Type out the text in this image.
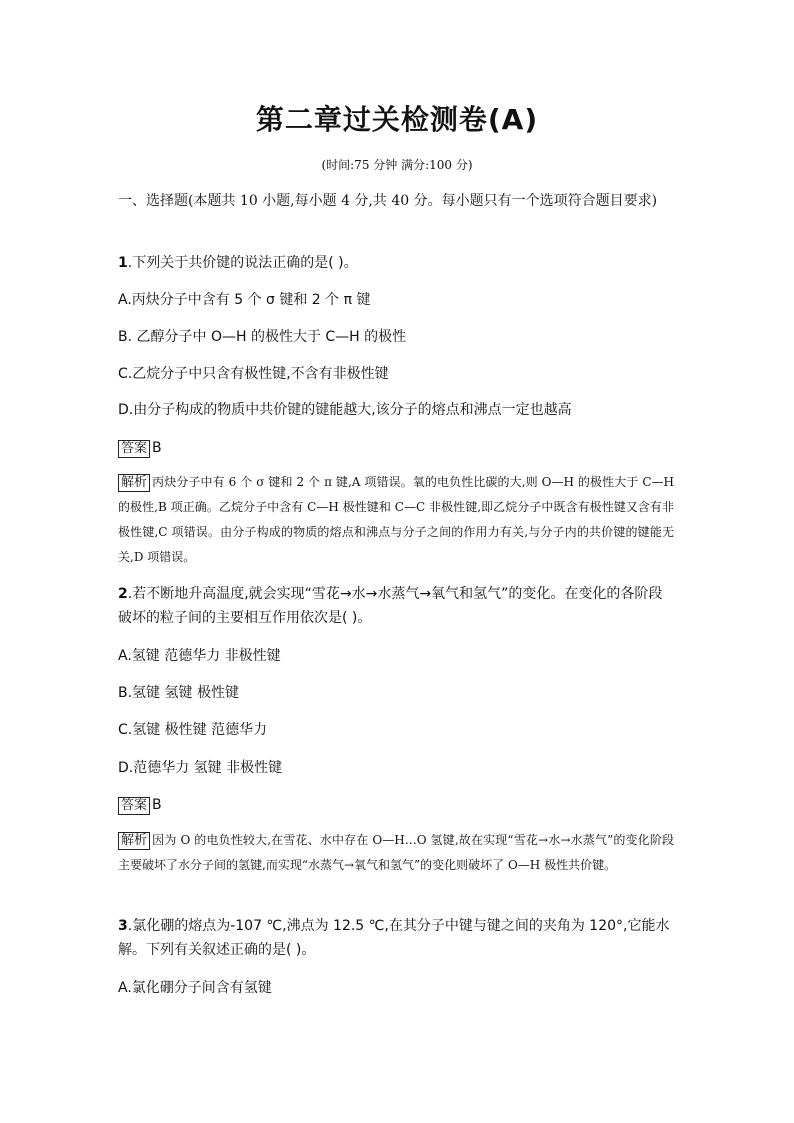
第二章过关检测卷(A)
(时间:75 分钟 满分:100 分)
一、选择题(本题共 10 小题,每小题 4 分,共 40 分。每小题只有一个选项符合题目要求)
1.下列关于共价键的说法正确的是( )。
A.丙炔分子中含有 5 个 σ 键和 2 个 π 键
B. 乙醇分子中 O—H 的极性大于 C—H 的极性
C.乙烷分子中只含有极性键,不含有非极性键
D.由分子构成的物质中共价键的键能越大,该分子的熔点和沸点一定也越高
答案 B
解析 丙炔分子中有 6 个 σ 键和 2 个 π 键,A 项错误。氧的电负性比碳的大,则 O—H 的极性大于 C—H 的极性,B 项正确。乙烷分子中含有 C—H 极性键和 C—C 非极性键,即乙烷分子中既含有极性键又含有非极性键,C 项错误。由分子构成的物质的熔点和沸点与分子之间的作用力有关,与分子内的共价键的键能无关,D 项错误。
2.若不断地升高温度,就会实现“雪花→水→水蒸气→氧气和氢气”的变化。在变化的各阶段破坏的粒子间的主要相互作用依次是( )。
A.氢键 范德华力 非极性键
B.氢键 氢键 极性键
C.氢键 极性键 范德华力
D.范德华力 氢键 非极性键
答案 B
解析 因为 O 的电负性较大,在雪花、水中存在 O—H…O 氢键,故在实现“雪花→水→水蒸气”的变化阶段主要破坏了水分子间的氢键,而实现“水蒸气→氧气和氢气”的变化则破坏了 O—H 极性共价键。
3.氯化硼的熔点为-107 ℃,沸点为 12.5 ℃,在其分子中键与键之间的夹角为 120°,它能水解。下列有关叙述正确的是( )。
A.氯化硼分子间含有氢键
